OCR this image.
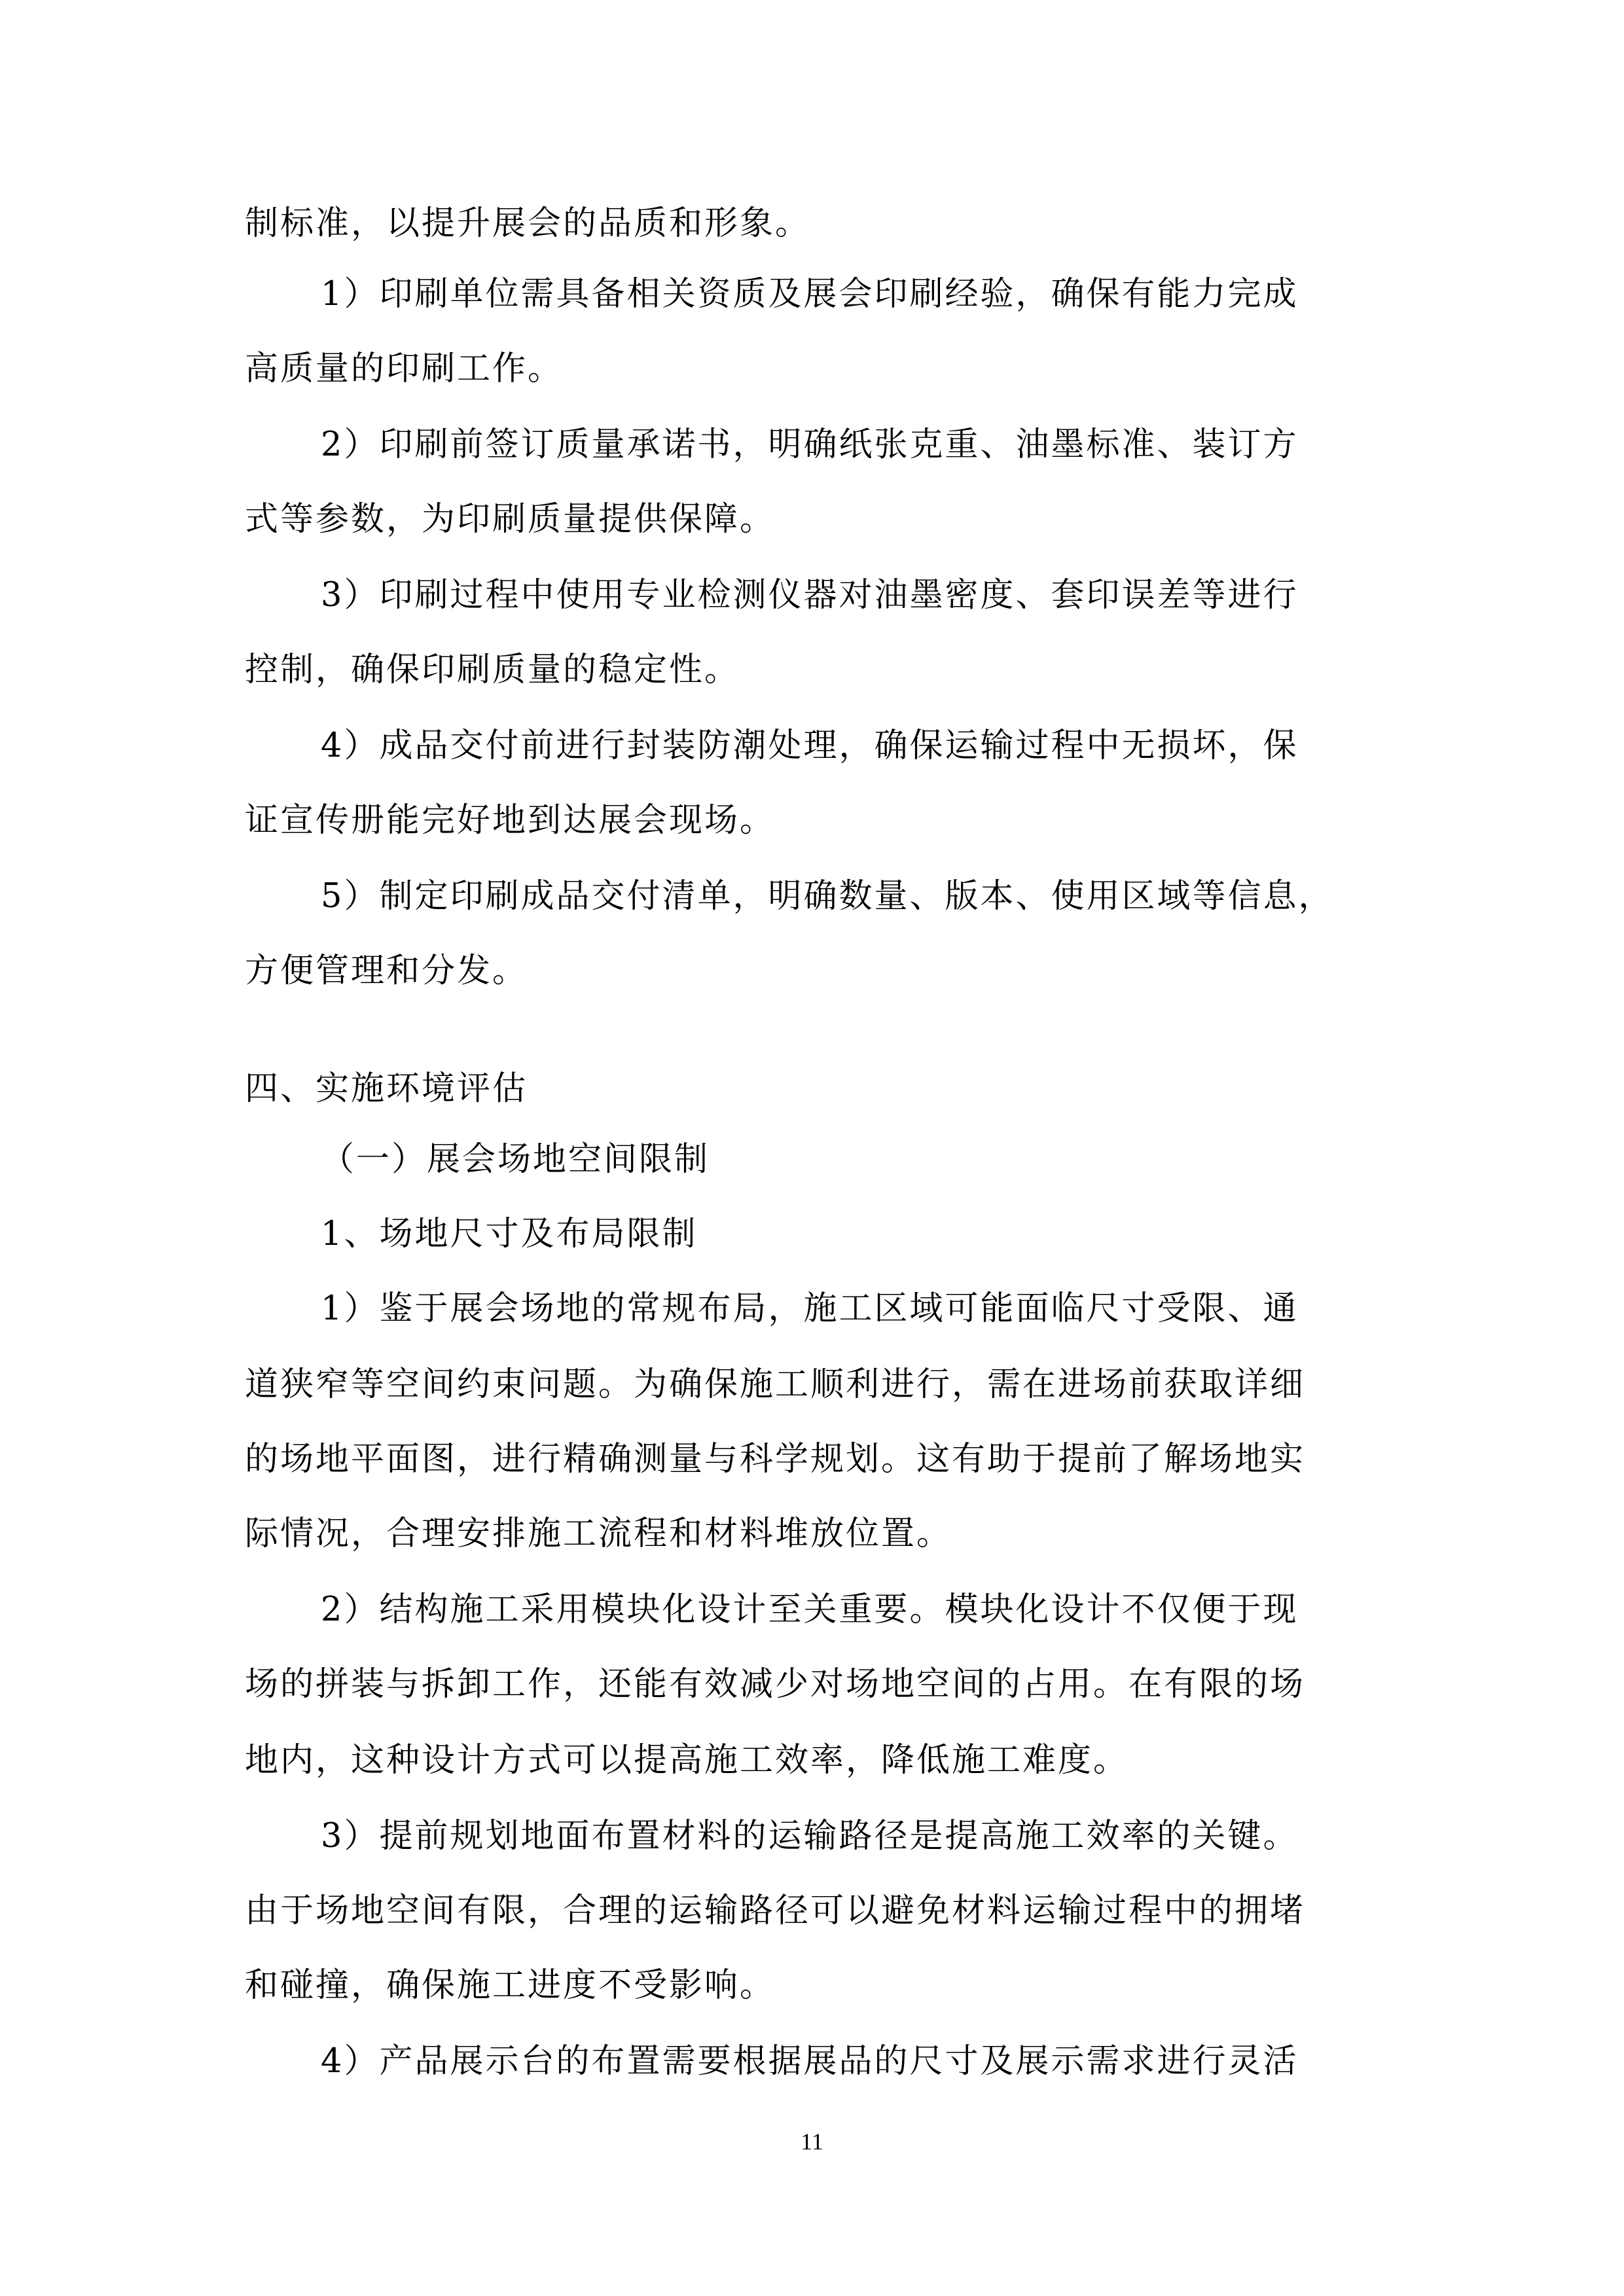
制标准，以提升展会的品质和形象。
1）印刷单位需具备相关资质及展会印刷经验，确保有能力完成
高质量的印刷工作。
2）印刷前签订质量承诺书，明确纸张克重、油墨标准、装订方
式等参数，为印刷质量提供保障。
3）印刷过程中使用专业检测仪器对油墨密度、套印误差等进行
控制，确保印刷质量的稳定性。
4）成品交付前进行封装防潮处理，确保运输过程中无损坏，保
证宣传册能完好地到达展会现场。
5）制定印刷成品交付清单，明确数量、版本、使用区域等信息，
方便管理和分发。
四、实施环境评估
（一）展会场地空间限制
1、场地尺寸及布局限制
1）鉴于展会场地的常规布局，施工区域可能面临尺寸受限、通
道狭窄等空间约束问题。为确保施工顺利进行，需在进场前获取详细
的场地平面图，进行精确测量与科学规划。这有助于提前了解场地实
际情况，合理安排施工流程和材料堆放位置。
2）结构施工采用模块化设计至关重要。模块化设计不仅便于现
场的拼装与拆卸工作，还能有效减少对场地空间的占用。在有限的场
地内，这种设计方式可以提高施工效率，降低施工难度。
3）提前规划地面布置材料的运输路径是提高施工效率的关键。
由于场地空间有限，合理的运输路径可以避免材料运输过程中的拥堵
和碰撞，确保施工进度不受影响。
4）产品展示台的布置需要根据展品的尺寸及展示需求进行灵活
11
